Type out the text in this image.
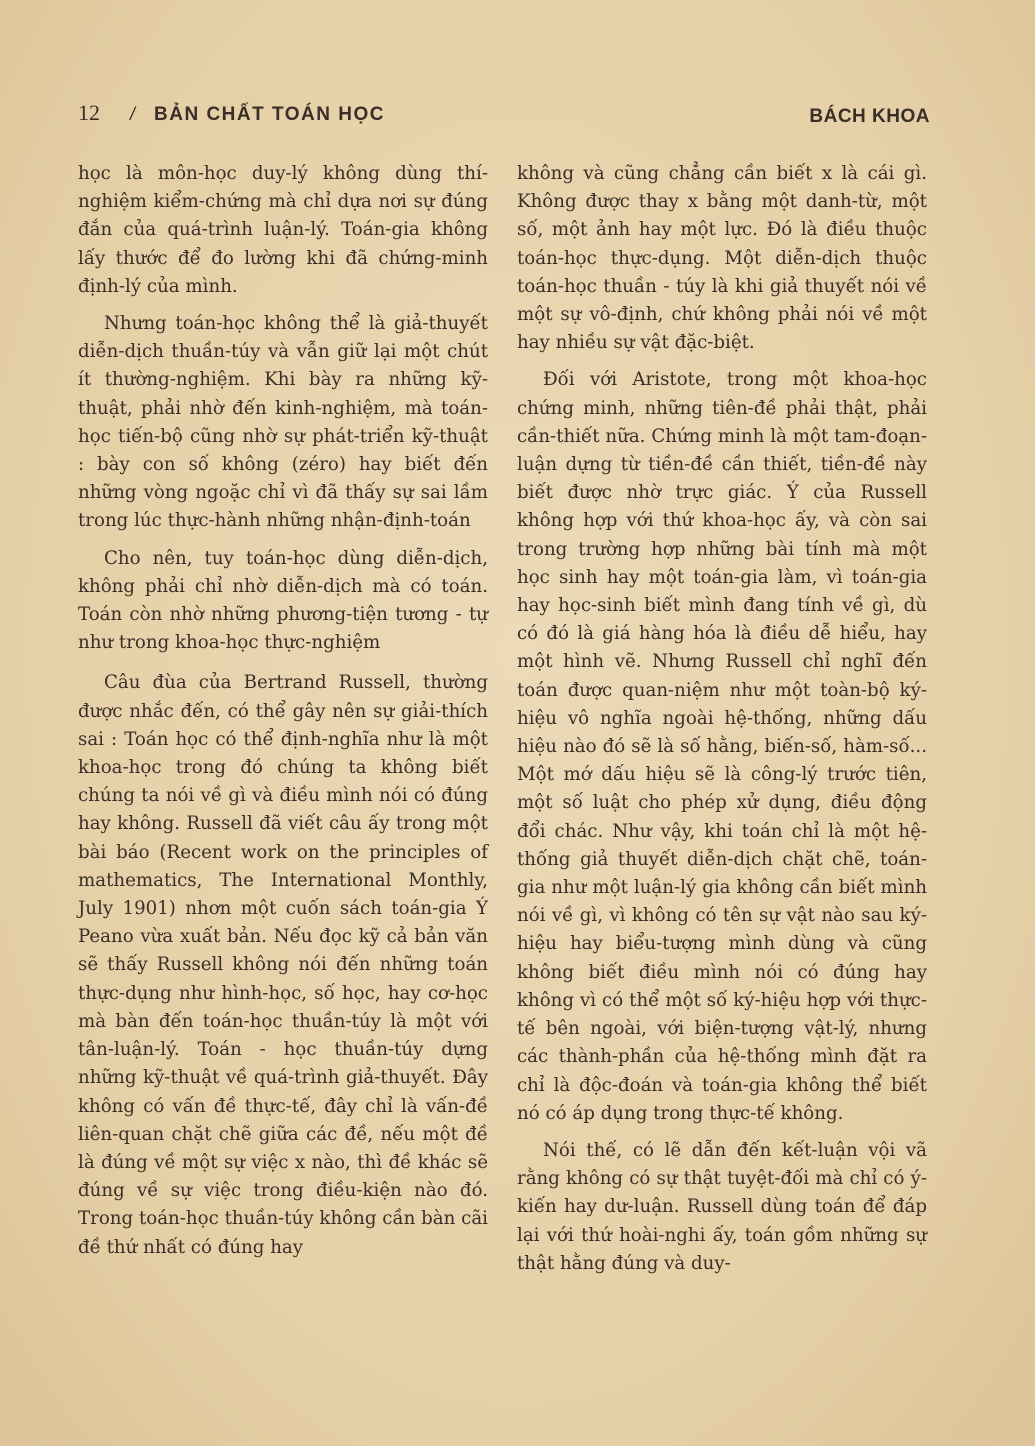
12 / BẢN CHẤT TOÁN HỌC	BÁCH KHOA

học là môn-học duy-lý không dùng thí-nghiệm kiểm-chứng mà chỉ dựa nơi sự đúng đắn của quá-trình luận-lý. Toán-gia không lấy thước để đo lường khi đã chứng-minh định-lý của mình.

Nhưng toán-học không thể là giả-thuyết diễn-dịch thuần-túy và vẫn giữ lại một chút ít thường-nghiệm. Khi bày ra những kỹ-thuật, phải nhờ đến kinh-nghiệm, mà toán-học tiến-bộ cũng nhờ sự phát-triển kỹ-thuật : bày con số không (zéro) hay biết đến những vòng ngoặc chỉ vì đã thấy sự sai lầm trong lúc thực-hành những nhận-định-toán

Cho nên, tuy toán-học dùng diễn-dịch, không phải chỉ nhờ diễn-dịch mà có toán. Toán còn nhờ những phương-tiện tương - tự như trong khoa-học thực-nghiệm

Câu đùa của Bertrand Russell, thường được nhắc đến, có thể gây nên sự giải-thích sai : Toán học có thể định-nghĩa như là một khoa-học trong đó chúng ta không biết chúng ta nói về gì và điều mình nói có đúng hay không. Russell đã viết câu ấy trong một bài báo (Recent work on the principles of mathematics, The International Monthly, July 1901) nhơn một cuốn sách toán-gia Ý Peano vừa xuất bản. Nếu đọc kỹ cả bản văn sẽ thấy Russell không nói đến những toán thực-dụng như hình-học, số học, hay cơ-học mà bàn đến toán-học thuần-túy là một với tân-luận-lý. Toán - học thuần-túy dựng những kỹ-thuật về quá-trình giả-thuyết. Đây không có vấn đề thực-tế, đây chỉ là vấn-đề liên-quan chặt chẽ giữa các đề, nếu một đề là đúng về một sự việc x nào, thì đề khác sẽ đúng về sự việc trong điều-kiện nào đó. Trong toán-học thuần-túy không cần bàn cãi đề thứ nhất có đúng hay

không và cũng chẳng cần biết x là cái gì. Không được thay x bằng một danh-từ, một số, một ảnh hay một lực. Đó là điều thuộc toán-học thực-dụng. Một diễn-dịch thuộc toán-học thuần - túy là khi giả thuyết nói về một sự vô-định, chứ không phải nói về một hay nhiều sự vật đặc-biệt.

Đối với Aristote, trong một khoa-học chứng minh, những tiên-đề phải thật, phải cần-thiết nữa. Chứng minh là một tam-đoạn-luận dựng từ tiền-đề cần thiết, tiền-đề này biết được nhờ trực giác. Ý của Russell không hợp với thứ khoa-học ấy, và còn sai trong trường hợp những bài tính mà một học sinh hay một toán-gia làm, vì toán-gia hay học-sinh biết mình đang tính về gì, dù có đó là giá hàng hóa là điều dễ hiểu, hay một hình vẽ. Nhưng Russell chỉ nghĩ đến toán được quan-niệm như một toàn-bộ ký-hiệu vô nghĩa ngoài hệ-thống, những dấu hiệu nào đó sẽ là số hằng, biến-số, hàm-số... Một mớ dấu hiệu sẽ là công-lý trước tiên, một số luật cho phép xử dụng, điều động đổi chác. Như vậy, khi toán chỉ là một hệ-thống giả thuyết diễn-dịch chặt chẽ, toán-gia như một luận-lý gia không cần biết mình nói về gì, vì không có tên sự vật nào sau ký-hiệu hay biểu-tượng mình dùng và cũng không biết điều mình nói có đúng hay không vì có thể một số ký-hiệu hợp với thực-tế bên ngoài, với biện-tượng vật-lý, nhưng các thành-phần của hệ-thống mình đặt ra chỉ là độc-đoán và toán-gia không thể biết nó có áp dụng trong thực-tế không.

Nói thế, có lẽ dẫn đến kết-luận vội vã rằng không có sự thật tuyệt-đối mà chỉ có ý-kiến hay dư-luận. Russell dùng toán để đáp lại với thứ hoài-nghi ấy, toán gồm những sự thật hằng đúng và duy-
